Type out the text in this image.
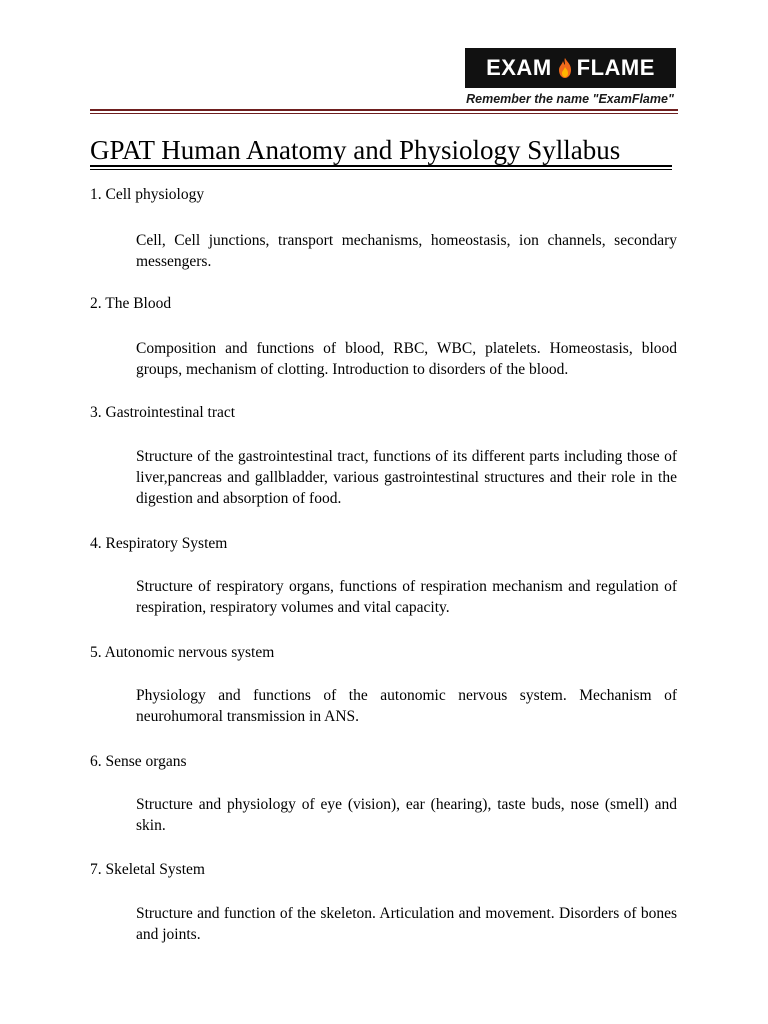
EXAM FLAME
Remember the name "ExamFlame"
GPAT Human Anatomy and Physiology Syllabus
1. Cell physiology

Cell, Cell junctions, transport mechanisms, homeostasis, ion channels, secondary messengers.

2. The Blood

Composition and functions of blood, RBC, WBC, platelets. Homeostasis, blood groups, mechanism of clotting. Introduction to disorders of the blood.

3. Gastrointestinal tract

Structure of the gastrointestinal tract, functions of its different parts including those of liver,pancreas and gallbladder, various gastrointestinal structures and their role in the digestion and absorption of food.

4. Respiratory System

Structure of respiratory organs, functions of respiration mechanism and regulation of respiration, respiratory volumes and vital capacity.

5. Autonomic nervous system

Physiology and functions of the autonomic nervous system. Mechanism of neurohumoral transmission in ANS.

6. Sense organs

Structure and physiology of eye (vision), ear (hearing), taste buds, nose (smell) and skin.

7. Skeletal System

Structure and function of the skeleton. Articulation and movement. Disorders of bones and joints.
